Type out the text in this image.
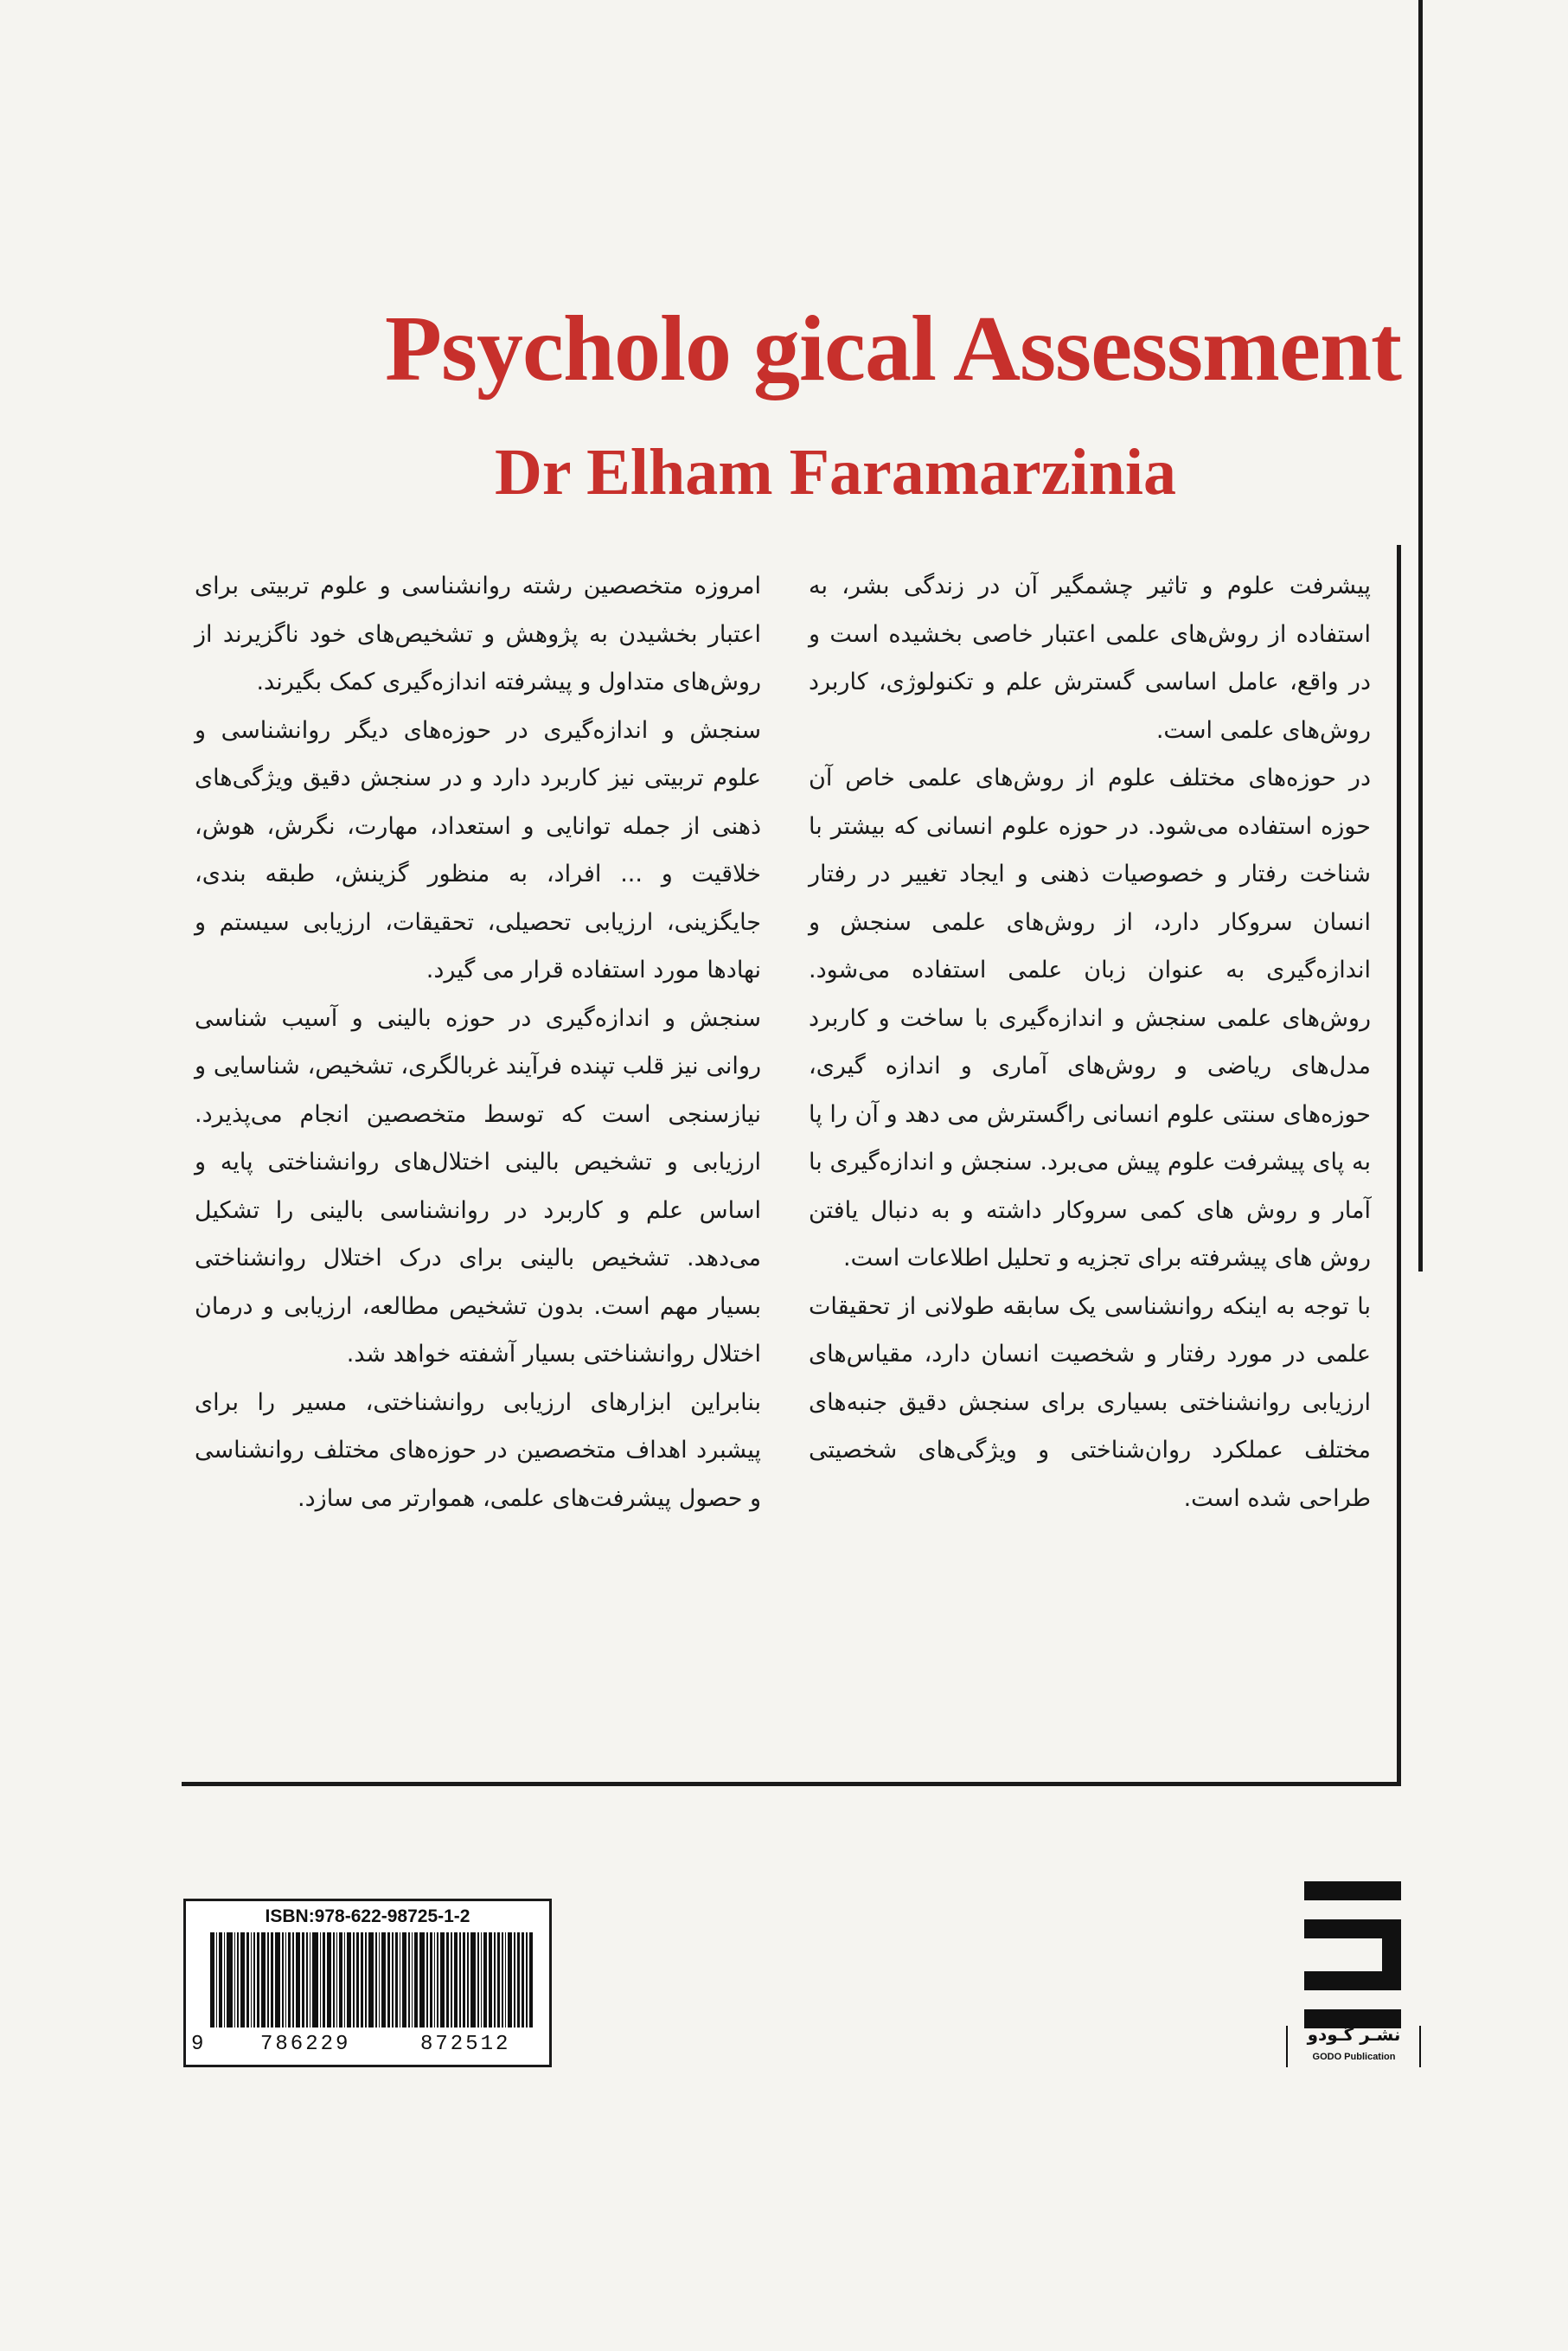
Psycholo gical Assessment
Dr Elham Faramarzinia

پیشرفت علوم و تاثیر چشمگیر آن در زندگی بشر، به استفاده از روش‌های علمی اعتبار خاصی بخشیده است و در واقع، عامل اساسی گسترش علم و تکنولوژی، کاربرد روش‌های علمی است.

در حوزه‌های مختلف علوم از روش‌های علمی خاص آن حوزه استفاده می‌شود. در حوزه علوم انسانی که بیشتر با شناخت رفتار و خصوصیات ذهنی و ایجاد تغییر در رفتار انسان سروکار دارد، از روش‌های علمی سنجش و اندازه‌گیری به عنوان زبان علمی استفاده می‌شود. روش‌های علمی سنجش و اندازه‌گیری با ساخت و کاربرد مدل‌های ریاضی و روش‌های آماری و اندازه گیری، حوزه‌های سنتی علوم انسانی راگسترش می دهد و آن را پا به پای پیشرفت علوم پیش می‌برد. سنجش و اندازه‌گیری با آمار و روش های کمی سروکار داشته و به دنبال یافتن روش های پیشرفته برای تجزیه و تحلیل اطلاعات است.

با توجه به اینکه روانشناسی یک سابقه طولانی از تحقیقات علمی در مورد رفتار و شخصیت انسان دارد، مقیاس‌های ارزیابی روانشناختی بسیاری برای سنجش دقیق جنبه‌های مختلف عملکرد روان‌شناختی و ویژگی‌های شخصیتی طراحی شده است.

امروزه متخصصین رشته روانشناسی و علوم تربیتی برای اعتبار بخشیدن به پژوهش و تشخیص‌های خود ناگزیرند از روش‌های متداول و پیشرفته اندازه‌گیری کمک بگیرند.

سنجش و اندازه‌گیری در حوزه‌های دیگر روانشناسی و علوم تربیتی نیز کاربرد دارد و در سنجش دقیق ویژگی‌های ذهنی از جمله توانایی و استعداد، مهارت، نگرش، هوش، خلاقیت و ... افراد، به منظور گزینش، طبقه بندی، جایگزینی، ارزیابی تحصیلی، تحقیقات، ارزیابی سیستم و نهادها مورد استفاده قرار می گیرد.

سنجش و اندازه‌گیری در حوزه بالینی و آسیب شناسی روانی نیز قلب تپنده فرآیند غربالگری، تشخیص، شناسایی و نیازسنجی است که توسط متخصصین انجام می‌پذیرد. ارزیابی و تشخیص بالینی اختلال‌های روانشناختی پایه و اساس علم و کاربرد در روانشناسی بالینی را تشکیل می‌دهد. تشخیص بالینی برای درک اختلال روانشناختی بسیار مهم است. بدون تشخیص مطالعه، ارزیابی و درمان اختلال روانشناختی بسیار آشفته خواهد شد.

بنابراین ابزارهای ارزیابی روانشناختی، مسیر را برای پیشبرد اهداف متخصصین در حوزه‌های مختلف روانشناسی و حصول پیشرفت‌های علمی، هموارتر می سازد.

ISBN:978-622-98725-1-2
9	786229	872512	نشـر گـودو
GODO Publication
